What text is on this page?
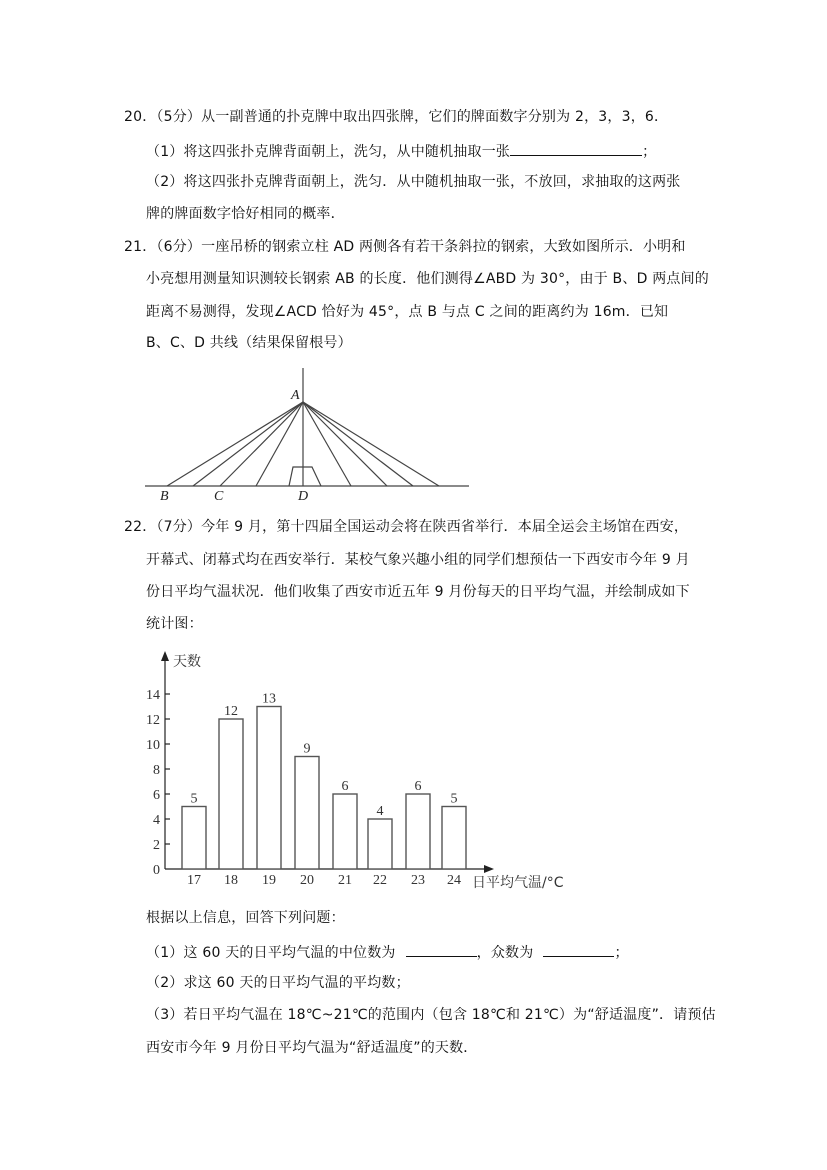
20．（5分）从一副普通的扑克牌中取出四张牌，它们的牌面数字分别为 2，3，3，6．
（1）将这四张扑克牌背面朝上，洗匀，从中随机抽取一张	；
（2）将这四张扑克牌背面朝上，洗匀．从中随机抽取一张，不放回，求抽取的这两张
牌的牌面数字恰好相同的概率．
21．（6分）一座吊桥的钢索立柱 AD 两侧各有若干条斜拉的钢索，大致如图所示．小明和
小亮想用测量知识测较长钢索 AB 的长度．他们测得∠ABD 为 30°，由于 B、D 两点间的
距离不易测得，发现∠ACD 恰好为 45°，点 B 与点 C 之间的距离约为 16m．已知
B、C、D 共线（结果保留根号）
A
B	C	D
22．（7分）今年 9 月，第十四届全国运动会将在陕西省举行．本届全运会主场馆在西安，
开幕式、闭幕式均在西安举行．某校气象兴趣小组的同学们想预估一下西安市今年 9 月
份日平均气温状况．他们收集了西安市近五年 9 月份每天的日平均气温，并绘制成如下
统计图：
天数
日平均气温/°C
0
2
4
6
8
10
12
14
5
17
12
18
13
19
9
20
6
21
4
22
6
23
5
24
根据以上信息，回答下列问题：
（1）这 60 天的日平均气温的中位数为	，众数为	；
（2）求这 60 天的日平均气温的平均数；
（3）若日平均气温在 18℃~21℃的范围内（包含 18℃和 21℃）为“舒适温度”．请预估
西安市今年 9 月份日平均气温为“舒适温度”的天数．
